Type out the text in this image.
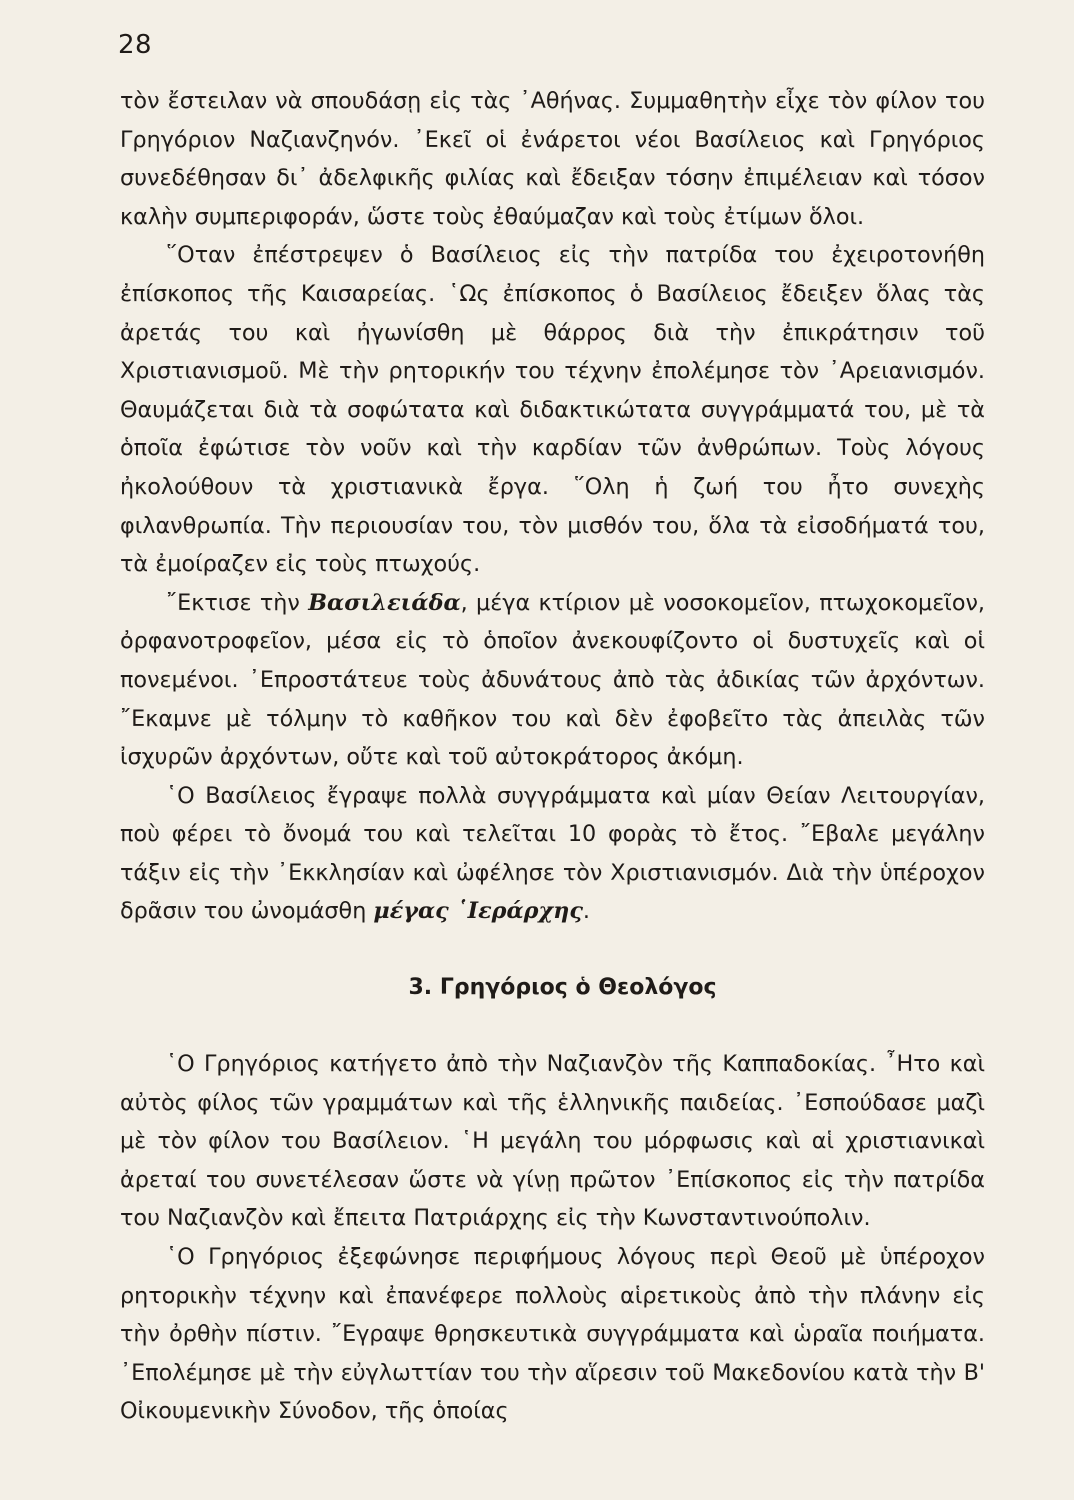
28

τὸν ἔστειλαν νὰ σπουδάσῃ εἰς τὰς ᾿Αθήνας. Συμμαθητὴν εἶχε τὸν φίλον του Γρηγόριον Ναζιανζηνόν. ᾿Εκεῖ οἱ ἐνάρετοι νέοι Βασίλειος καὶ Γρηγόριος συνεδέθησαν δι᾿ ἀδελφικῆς φιλίας καὶ ἔδειξαν τόσην ἐπιμέλειαν καὶ τόσον καλὴν συμπεριφοράν, ὥστε τοὺς ἐθαύμαζαν καὶ τοὺς ἐτίμων ὅλοι.

῞Οταν ἐπέστρεψεν ὁ Βασίλειος εἰς τὴν πατρίδα του ἐχειροτονήθη ἐπίσκοπος τῆς Καισαρείας. ῾Ως ἐπίσκοπος ὁ Βασίλειος ἔδειξεν ὅλας τὰς ἀρετάς του καὶ ἠγωνίσθη μὲ θάρρος διὰ τὴν ἐπικράτησιν τοῦ Χριστιανισμοῦ. Μὲ τὴν ρητορικήν του τέχνην ἐπολέμησε τὸν ᾿Αρειανισμόν. Θαυμάζεται διὰ τὰ σοφώτατα καὶ διδακτικώτατα συγγράμματά του, μὲ τὰ ὁποῖα ἐφώτισε τὸν νοῦν καὶ τὴν καρδίαν τῶν ἀνθρώπων. Τοὺς λόγους ἠκολούθουν τὰ χριστιανικὰ ἔργα. ῞Ολη ἡ ζωή του ἦτο συνεχὴς φιλανθρωπία. Τὴν περιουσίαν του, τὸν μισθόν του, ὅλα τὰ εἰσοδήματά του, τὰ ἐμοίραζεν εἰς τοὺς πτωχούς.

῎Εκτισε τὴν Βασιλειάδα, μέγα κτίριον μὲ νοσοκομεῖον, πτωχοκομεῖον, ὀρφανοτροφεῖον, μέσα εἰς τὸ ὁποῖον ἀνεκουφίζοντο οἱ δυστυχεῖς καὶ οἱ πονεμένοι. ᾿Επροστάτευε τοὺς ἀδυνάτους ἀπὸ τὰς ἀδικίας τῶν ἀρχόντων. ῎Εκαμνε μὲ τόλμην τὸ καθῆκον του καὶ δὲν ἐφοβεῖτο τὰς ἀπειλὰς τῶν ἰσχυρῶν ἀρχόντων, οὔτε καὶ τοῦ αὐτοκράτορος ἀκόμη.

῾Ο Βασίλειος ἔγραψε πολλὰ συγγράμματα καὶ μίαν Θείαν Λειτουργίαν, ποὺ φέρει τὸ ὄνομά του καὶ τελεῖται 10 φορὰς τὸ ἔτος. ῎Εβαλε μεγάλην τάξιν εἰς τὴν ᾿Εκκλησίαν καὶ ὠφέλησε τὸν Χριστιανισμόν. Διὰ τὴν ὑπέροχον δρᾶσιν του ὠνομάσθη μέγας ῾Ιεράρχης.

3. Γρηγόριος ὁ Θεολόγος

῾Ο Γρηγόριος κατήγετο ἀπὸ τὴν Ναζιανζὸν τῆς Καππαδοκίας. ῏Ητο καὶ αὐτὸς φίλος τῶν γραμμάτων καὶ τῆς ἑλληνικῆς παιδείας. ᾿Εσπούδασε μαζὶ μὲ τὸν φίλον του Βασίλειον. ῾Η μεγάλη του μόρφωσις καὶ αἱ χριστιανικαὶ ἀρεταί του συνετέλεσαν ὥστε νὰ γίνῃ πρῶτον ᾿Επίσκοπος εἰς τὴν πατρίδα του Ναζιανζὸν καὶ ἔπειτα Πατριάρχης εἰς τὴν Κωνσταντινούπολιν.

῾Ο Γρηγόριος ἐξεφώνησε περιφήμους λόγους περὶ Θεοῦ μὲ ὑπέροχον ρητορικὴν τέχνην καὶ ἐπανέφερε πολλοὺς αἱρετικοὺς ἀπὸ τὴν πλάνην εἰς τὴν ὀρθὴν πίστιν. ῎Εγραψε θρησκευτικὰ συγγράμματα καὶ ὡραῖα ποιήματα. ᾿Επολέμησε μὲ τὴν εὐγλωττίαν του τὴν αἵρεσιν τοῦ Μακεδονίου κατὰ τὴν Β' Οἰκουμενικὴν Σύνοδον, τῆς ὁποίας
